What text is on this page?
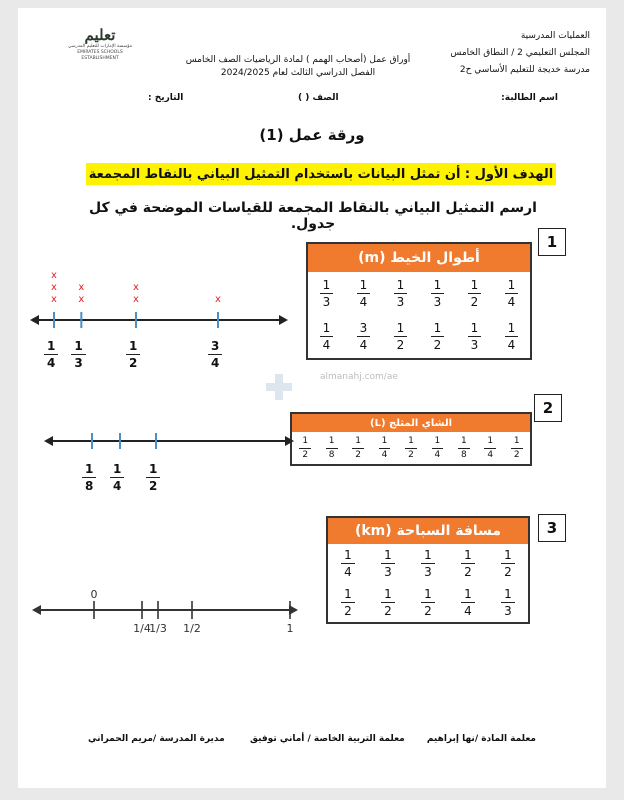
العمليات المدرسية
المجلس التعليمي 2 / النطاق الخامس
مدرسة خديجة للتعليم الأساسي ح2
أوراق عمل (أصحاب الهمم ) لمادة الرياضيات الصف الخامس
الفصل الدراسي الثالث لعام 2024/2025
تعليم
مؤسسة الإمارات للتعليم المدرسي
EMIRATES SCHOOLS
ESTABLISHMENT
اسم الطالبة:
الصف ( )
التاريخ :
ورقة عمل (1)
الهدف الأول : أن تمثل البيانات باستخدام التمثيل البياني بالنقاط المجمعة
ارسم التمثيل البياني بالنقاط المجمعة للقياسات الموضحة في كل جدول.
almanahj.com/ae
1
أطوال الخيط (m)
$\frac{1}{3} \frac{1}{4} \frac{1}{3} \frac{1}{3} \frac{1}{2} \frac{1}{4}$
$\frac{1}{4} \frac{3}{4} \frac{1}{2} \frac{1}{2} \frac{1}{3} \frac{1}{4}$
x
x
x
x
x
x
x
x
$\frac{1}{4} \frac{1}{3}$	$\frac{1}{2}$	$\frac{3}{4}$
2
الشاي المثلج (L)
$\frac{1}{2} \frac{1}{8} \frac{1}{2} \frac{1}{4} \frac{1}{2} \frac{1}{4} \frac{1}{8} \frac{1}{4} \frac{1}{2}$
$\frac{1}{8} \frac{1}{4} \frac{1}{2}$
3
مسافة السباحة (km)
$\frac{1}{4} \frac{1}{3} \frac{1}{3} \frac{1}{2} \frac{1}{2}$
$\frac{1}{2} \frac{1}{2} \frac{1}{2} \frac{1}{4} \frac{1}{3}$
0
1/4
1/3 1/2	1
معلمة المادة /نها إبراهيم
معلمة التربية الخاصة / أماني توفيق
مديرة المدرسة /مريم الحمراني
